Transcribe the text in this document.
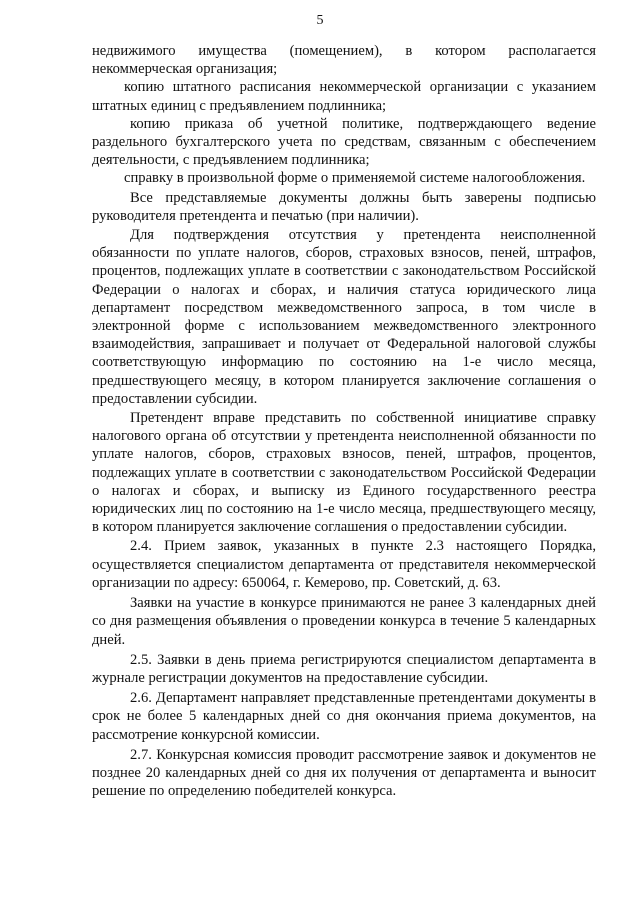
5

недвижимого имущества (помещением), в котором располагается некоммерческая организация;

копию штатного расписания некоммерческой организации с указанием штатных единиц с предъявлением подлинника;

копию приказа об учетной политике, подтверждающего ведение раздельного бухгалтерского учета по средствам, связанным с обеспечением деятельности, с предъявлением подлинника;

справку в произвольной форме о применяемой системе налогообложения.

Все представляемые документы должны быть заверены подписью руководителя претендента и печатью (при наличии).

Для подтверждения отсутствия у претендента неисполненной обязанности по уплате налогов, сборов, страховых взносов, пеней, штрафов, процентов, подлежащих уплате в соответствии с законодательством Российской Федерации о налогах и сборах, и наличия статуса юридического лица департамент посредством межведомственного запроса, в том числе в электронной форме с использованием межведомственного электронного взаимодействия, запрашивает и получает от Федеральной налоговой службы соответствующую информацию по состоянию на 1-е число месяца, предшествующего месяцу, в котором планируется заключение соглашения о предоставлении субсидии.

Претендент вправе представить по собственной инициативе справку налогового органа об отсутствии у претендента неисполненной обязанности по уплате налогов, сборов, страховых взносов, пеней, штрафов, процентов, подлежащих уплате в соответствии с законодательством Российской Федерации о налогах и сборах, и выписку из Единого государственного реестра юридических лиц по состоянию на 1-е число месяца, предшествующего месяцу, в котором планируется заключение соглашения о предоставлении субсидии.

2.4. Прием заявок, указанных в пункте 2.3 настоящего Порядка, осуществляется специалистом департамента от представителя некоммерческой организации по адресу: 650064, г. Кемерово, пр. Советский, д. 63.

Заявки на участие в конкурсе принимаются не ранее 3 календарных дней со дня размещения объявления о проведении конкурса в течение 5 календарных дней.

2.5. Заявки в день приема регистрируются специалистом департамента в журнале регистрации документов на предоставление субсидии.

2.6. Департамент направляет представленные претендентами документы в срок не более 5 календарных дней со дня окончания приема документов, на рассмотрение конкурсной комиссии.

2.7. Конкурсная комиссия проводит рассмотрение заявок и документов не позднее 20 календарных дней со дня их получения от департамента и выносит решение по определению победителей конкурса.
